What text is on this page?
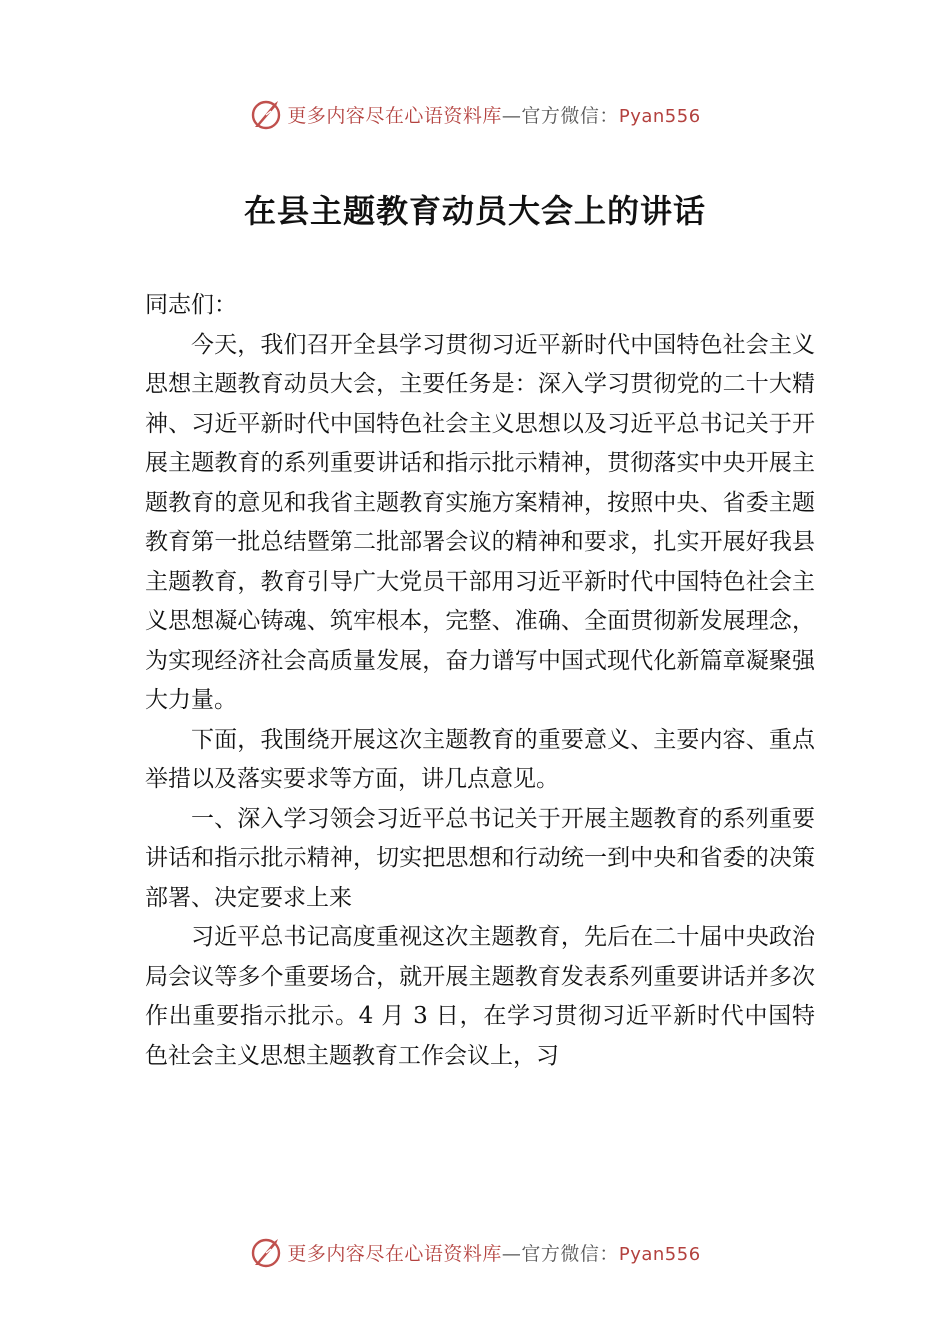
更多内容尽在心语资料库—官方微信：Pyan556
在县主题教育动员大会上的讲话

同志们：

今天，我们召开全县学习贯彻习近平新时代中国特色社会主义思想主题教育动员大会，主要任务是：深入学习贯彻党的二十大精神、习近平新时代中国特色社会主义思想以及习近平总书记关于开展主题教育的系列重要讲话和指示批示精神，贯彻落实中央开展主题教育的意见和我省主题教育实施方案精神，按照中央、省委主题教育第一批总结暨第二批部署会议的精神和要求，扎实开展好我县主题教育，教育引导广大党员干部用习近平新时代中国特色社会主义思想凝心铸魂、筑牢根本，完整、准确、全面贯彻新发展理念， 为实现经济社会高质量发展，奋力谱写中国式现代化新篇章凝聚强大力量。

下面，我围绕开展这次主题教育的重要意义、主要内容、重点举措以及落实要求等方面，讲几点意见。

一、深入学习领会习近平总书记关于开展主题教育的系列重要讲话和指示批示精神，切实把思想和行动统一到中央和省委的决策部署、决定要求上来

习近平总书记高度重视这次主题教育，先后在二十届中央政治局会议等多个重要场合，就开展主题教育发表系列重要讲话并多次作出重要指示批示。4 月 3 日，在学习贯彻习近平新时代中国特色社会主义思想主题教育工作会议上，习

更多内容尽在心语资料库—官方微信：Pyan556
